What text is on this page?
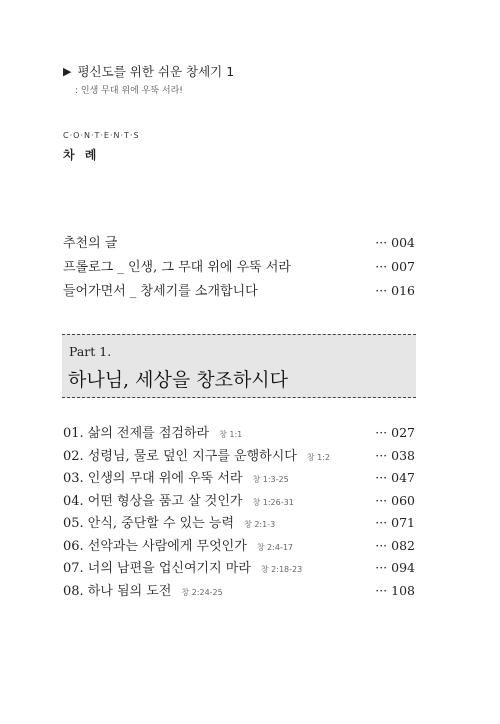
▶ 평신도를 위한 쉬운 창세기 1
: 인생 무대 위에 우뚝 서라!
C·O·N·T·E·N·T·S
차 례
추천의 글	··· 004
프롤로그 _ 인생, 그 무대 위에 우뚝 서라	··· 007
들어가면서 _ 창세기를 소개합니다	··· 016
Part 1.
하나님, 세상을 창조하시다
01. 삶의 전제를 점검하라 창 1:1	··· 027
02. 성령님, 물로 덮인 지구를 운행하시다 창 1:2	··· 038
03. 인생의 무대 위에 우뚝 서라 창 1:3-25	··· 047
04. 어떤 형상을 품고 살 것인가 창 1:26-31	··· 060
05. 안식, 중단할 수 있는 능력 창 2:1-3	··· 071
06. 선악과는 사람에게 무엇인가 창 2:4-17	··· 082
07. 너의 남편을 업신여기지 마라 창 2:18-23	··· 094
08. 하나 됨의 도전 창 2:24-25	··· 108
